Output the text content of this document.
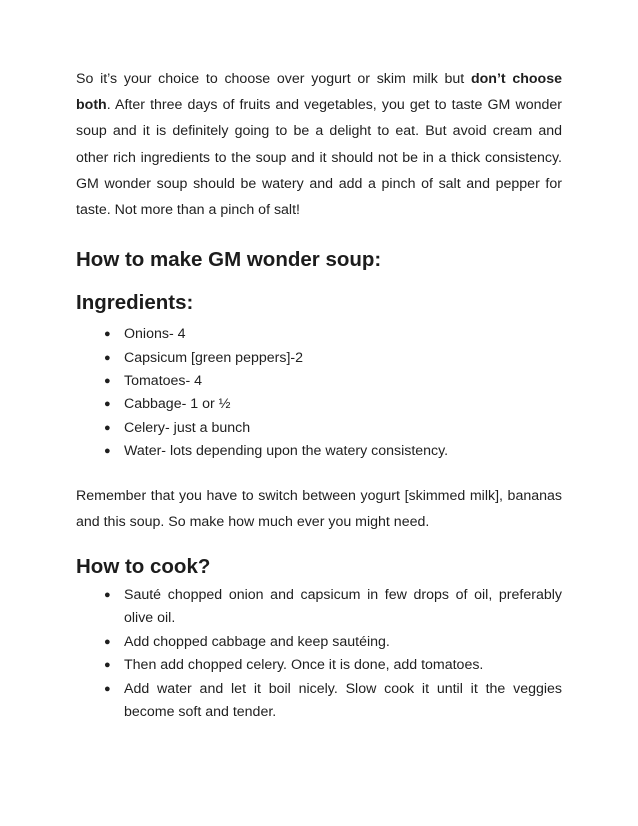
So it’s your choice to choose over yogurt or skim milk but don’t choose both. After three days of fruits and vegetables, you get to taste GM wonder soup and it is definitely going to be a delight to eat. But avoid cream and other rich ingredients to the soup and it should not be in a thick consistency. GM wonder soup should be watery and add a pinch of salt and pepper for taste. Not more than a pinch of salt!

How to make GM wonder soup:
Ingredients:
● Onions- 4
● Capsicum [green peppers]-2
● Tomatoes- 4
● Cabbage- 1 or ½
● Celery- just a bunch
● Water- lots depending upon the watery consistency.

Remember that you have to switch between yogurt [skimmed milk], bananas and this soup. So make how much ever you might need.

How to cook?
● Sauté chopped onion and capsicum in few drops of oil, preferably olive oil.
● Add chopped cabbage and keep sautéing.
● Then add chopped celery. Once it is done, add tomatoes.
● Add water and let it boil nicely. Slow cook it until it the veggies become soft and tender.
